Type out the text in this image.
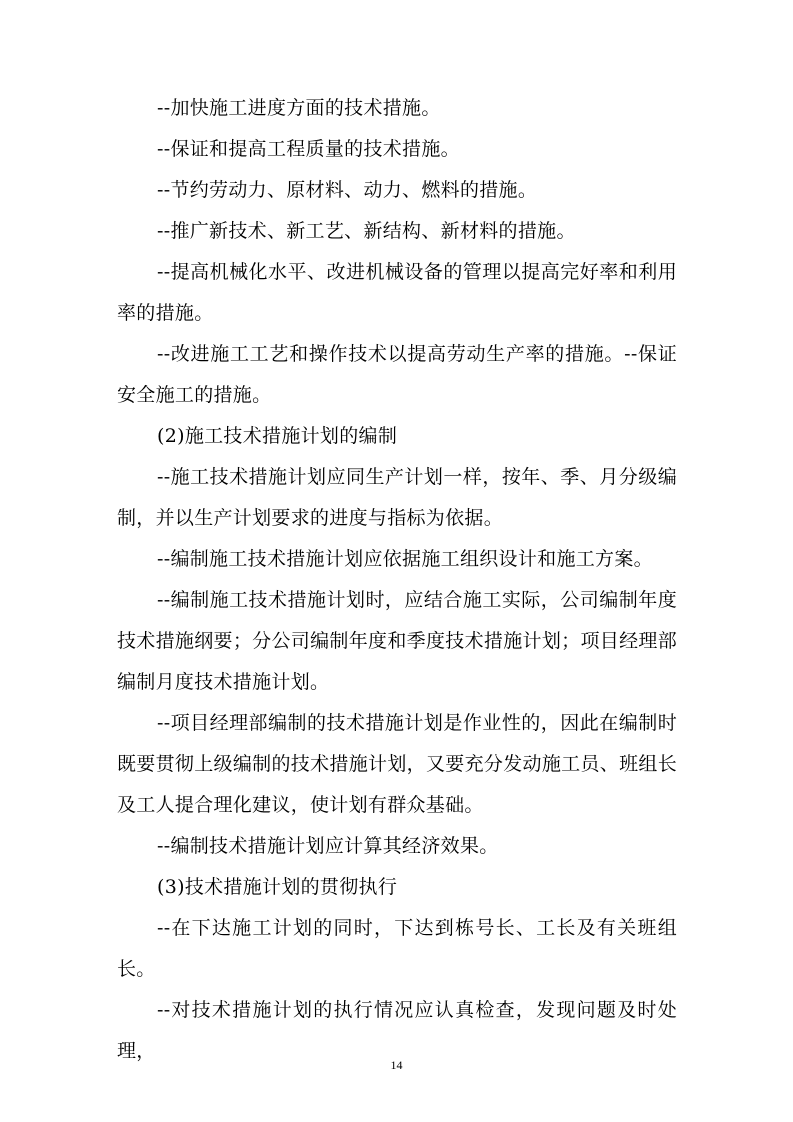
--加快施工进度方面的技术措施。

--保证和提高工程质量的技术措施。

--节约劳动力、原材料、动力、燃料的措施。

--推广新技术、新工艺、新结构、新材料的措施。

--提高机械化水平、改进机械设备的管理以提高完好率和利用率的措施。

--改进施工工艺和操作技术以提高劳动生产率的措施。--保证安全施工的措施。

(2)施工技术措施计划的编制

--施工技术措施计划应同生产计划一样，按年、季、月分级编制，并以生产计划要求的进度与指标为依据。

--编制施工技术措施计划应依据施工组织设计和施工方案。

--编制施工技术措施计划时，应结合施工实际，公司编制年度技术措施纲要；分公司编制年度和季度技术措施计划；项目经理部编制月度技术措施计划。

--项目经理部编制的技术措施计划是作业性的，因此在编制时既要贯彻上级编制的技术措施计划，又要充分发动施工员、班组长及工人提合理化建议，使计划有群众基础。

--编制技术措施计划应计算其经济效果。

(3)技术措施计划的贯彻执行

--在下达施工计划的同时，下达到栋号长、工长及有关班组长。

--对技术措施计划的执行情况应认真检查，发现问题及时处理，

14
